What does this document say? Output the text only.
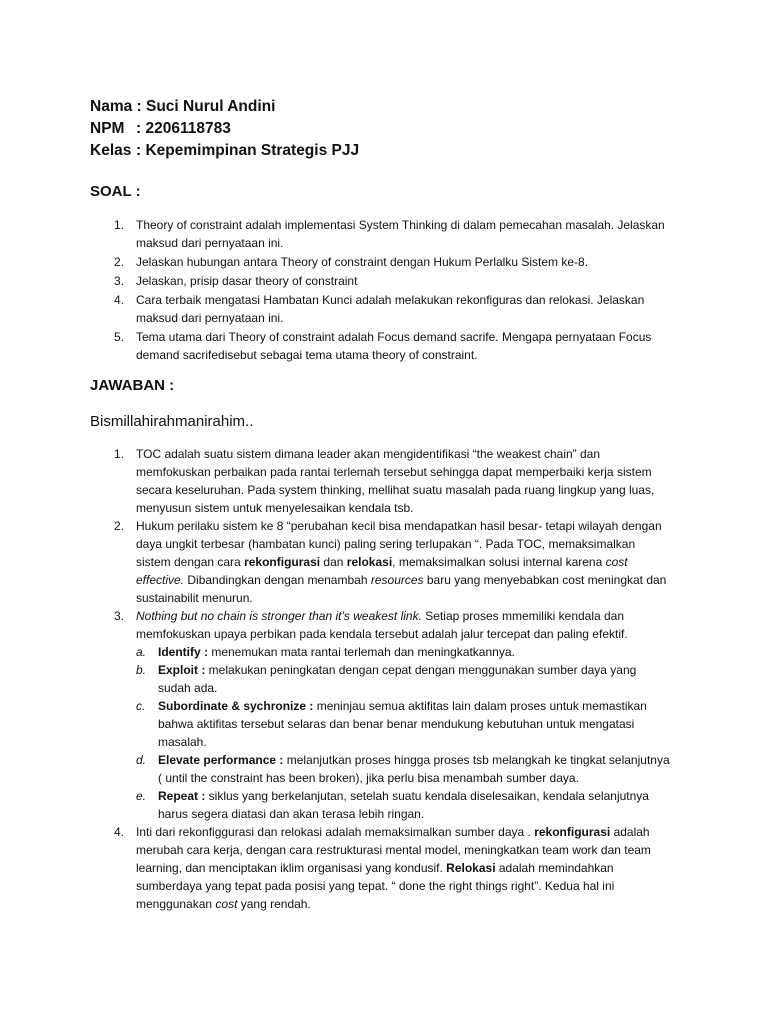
Nama : Suci Nurul Andini
NPM : 2206118783
Kelas : Kepemimpinan Strategis PJJ
SOAL :
1. Theory of constraint adalah implementasi System Thinking di dalam pemecahan masalah. Jelaskan maksud dari pernyataan ini.
2. Jelaskan hubungan antara Theory of constraint dengan Hukum Perlalku Sistem ke-8.
3. Jelaskan, prisip dasar theory of constraint
4. Cara terbaik mengatasi Hambatan Kunci adalah melakukan rekonfiguras dan relokasi. Jelaskan maksud dari pernyataan ini.
5. Tema utama dari Theory of constraint adalah Focus demand sacrife. Mengapa pernyataan Focus demand sacrifedisebut sebagai tema utama theory of constraint.
JAWABAN :
Bismillahirahmanirahim..
1. TOC adalah suatu sistem dimana leader akan mengidentifikasi “the weakest chain” dan memfokuskan perbaikan pada rantai terlemah tersebut sehingga dapat memperbaiki kerja sistem secara keseluruhan. Pada system thinking, mellihat suatu masalah pada ruang lingkup yang luas, menyusun sistem untuk menyelesaikan kendala tsb.
2. Hukum perilaku sistem ke 8 “perubahan kecil bisa mendapatkan hasil besar- tetapi wilayah dengan daya ungkit terbesar (hambatan kunci) paling sering terlupakan “. Pada TOC, memaksimalkan sistem dengan cara rekonfigurasi dan relokasi, memaksimalkan solusi internal karena cost effective. Dibandingkan dengan menambah resources baru yang menyebabkan cost meningkat dan sustainabilit menurun.
3. Nothing but no chain is stronger than it’s weakest link. Setiap proses mmemiliki kendala dan memfokuskan upaya perbikan pada kendala tersebut adalah jalur tercepat dan paling efektif.
a. Identify : menemukan mata rantai terlemah dan meningkatkannya.
b. Exploit : melakukan peningkatan dengan cepat dengan menggunakan sumber daya yang sudah ada.
c. Subordinate & sychronize : meninjau semua aktifitas lain dalam proses untuk memastikan bahwa aktifitas tersebut selaras dan benar benar mendukung kebutuhan untuk mengatasi masalah.
d. Elevate performance : melanjutkan proses hingga proses tsb melangkah ke tingkat selanjutnya ( until the constraint has been broken), jika perlu bisa menambah sumber daya.
e. Repeat : siklus yang berkelanjutan, setelah suatu kendala diselesaikan, kendala selanjutnya harus segera diatasi dan akan terasa lebih ringan.
4. Inti dari rekonfiggurasi dan relokasi adalah memaksimalkan sumber daya . rekonfigurasi adalah merubah cara kerja, dengan cara restrukturasi mental model, meningkatkan team work dan team learning, dan menciptakan iklim organisasi yang kondusif. Relokasi adalah memindahkan sumberdaya yang tepat pada posisi yang tepat. “ done the right things right”. Kedua hal ini menggunakan cost yang rendah.
